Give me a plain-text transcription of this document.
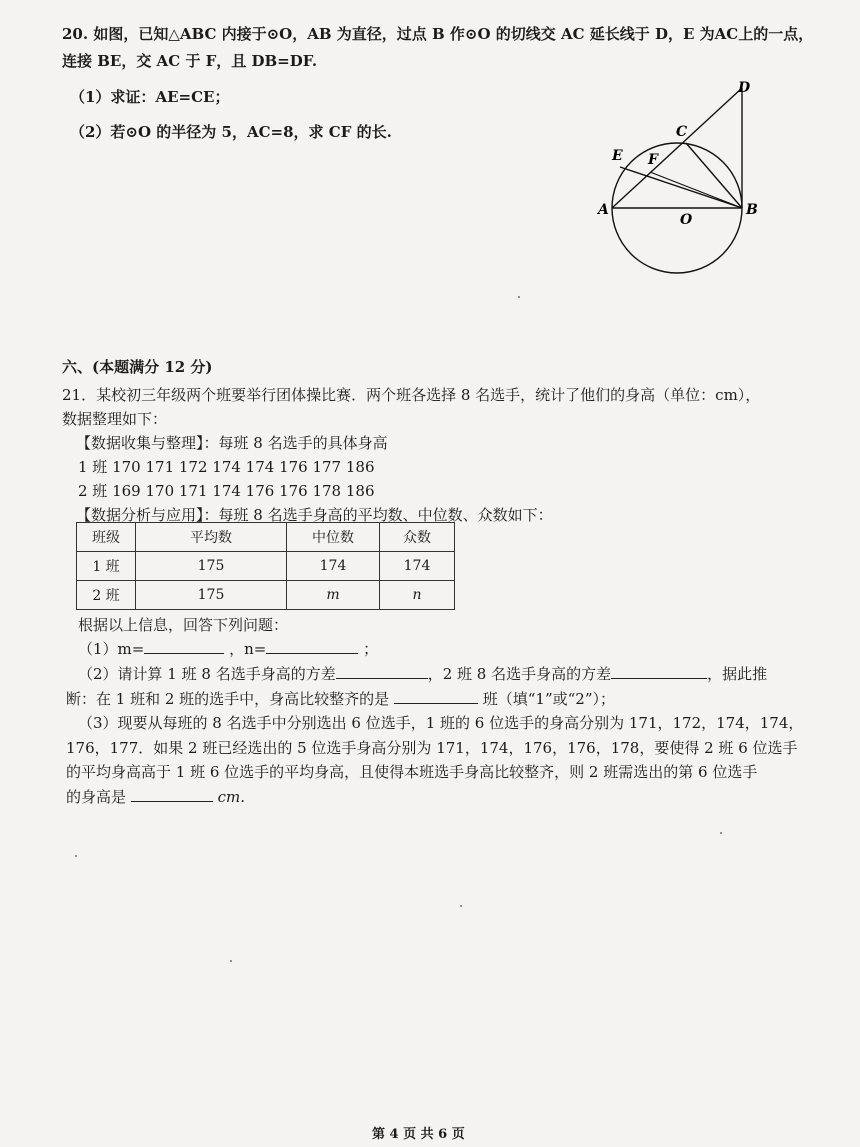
20. 如图，已知△ABC 内接于⊙O，AB 为直径，过点 B 作⊙O 的切线交 AC 延长线于 D，E 为AC上的一点，
连接 BE，交 AC 于 F，且 DB=DF.
（1）求证：AE=CE；
（2）若⊙O 的半径为 5，AC=8，求 CF 的长.
D
C
E F
A
O
B
六、(本题满分 12 分)
21．某校初三年级两个班要举行团体操比赛．两个班各选择 8 名选手，统计了他们的身高（单位：cm），
数据整理如下：
【数据收集与整理】：每班 8 名选手的具体身高
1 班 170 171 172 174 174 176 177 186
2 班 169 170 171 174 176 176 178 186
【数据分析与应用】：每班 8 名选手身高的平均数、中位数、众数如下：
班级	平均数	中位数	众数
1 班	175	174	174
2 班	175	m	n
根据以上信息，回答下列问题：
（1）m=	，n=	；
（2）请计算 1 班 8 名选手身高的方差	，2 班 8 名选手身高的方差	，据此推
断：在 1 班和 2 班的选手中，身高比较整齐的是	班（填“1”或“2”）；
（3）现要从每班的 8 名选手中分别选出 6 位选手，1 班的 6 位选手的身高分别为 171，172，174，174，
176，177．如果 2 班已经选出的 5 位选手身高分别为 171，174，176，176，178，要使得 2 班 6 位选手
的平均身高高于 1 班 6 位选手的平均身高，且使得本班选手身高比较整齐，则 2 班需选出的第 6 位选手
的身高是	cm.
第 4 页 共 6 页
